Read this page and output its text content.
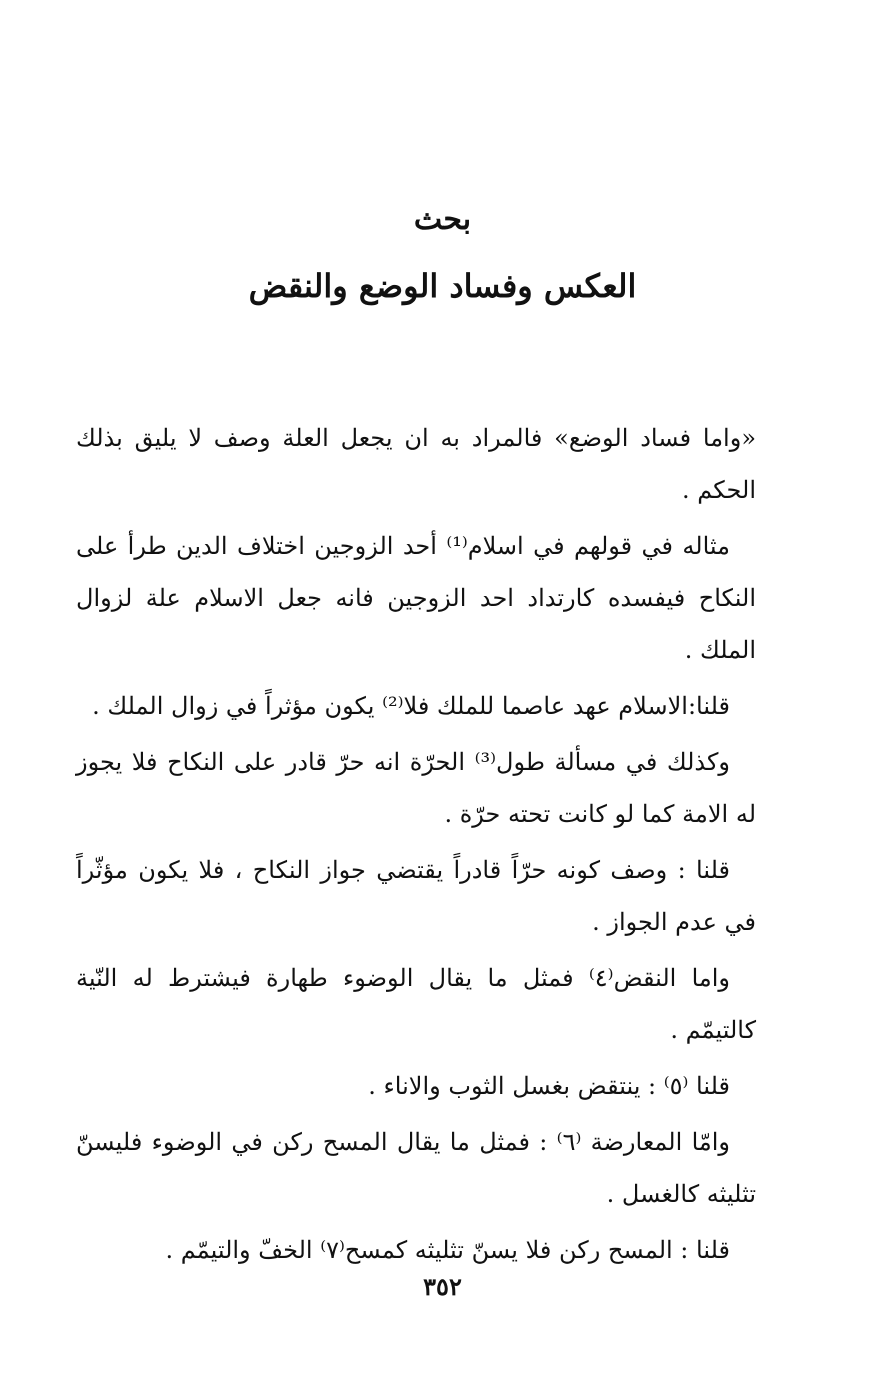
بحث
العكس وفساد الوضع والنقض

«واما فساد الوضع» فالمراد به ان يجعل العلة وصف لا يليق بذلك الحكم .

مثاله في قولهم في اسلام⁽¹⁾ أحد الزوجين اختلاف الدين طرأ على النكاح فيفسده كارتداد احد الزوجين فانه جعل الاسلام علة لزوال الملك .

قلنا:الاسلام عهد عاصما للملك فلا⁽²⁾ يكون مؤثراً في زوال الملك .

وكذلك في مسألة طول⁽³⁾ الحرّة انه حرّ قادر على النكاح فلا يجوز له الامة كما لو كانت تحته حرّة .

قلنا : وصف كونه حرّاً قادراً يقتضي جواز النكاح ، فلا يكون مؤثّراً في عدم الجواز .

واما النقض⁽٤⁾ فمثل ما يقال الوضوء طهارة فيشترط له النّية كالتيمّم .

قلنا ⁽٥⁾ : ينتقض بغسل الثوب والاناء .

وامّا المعارضة ⁽٦⁾ : فمثل ما يقال المسح ركن في الوضوء فليسنّ تثليثه كالغسل .

قلنا : المسح ركن فلا يسنّ تثليثه كمسح⁽٧⁾ الخفّ والتيمّم .

٣٥٢
